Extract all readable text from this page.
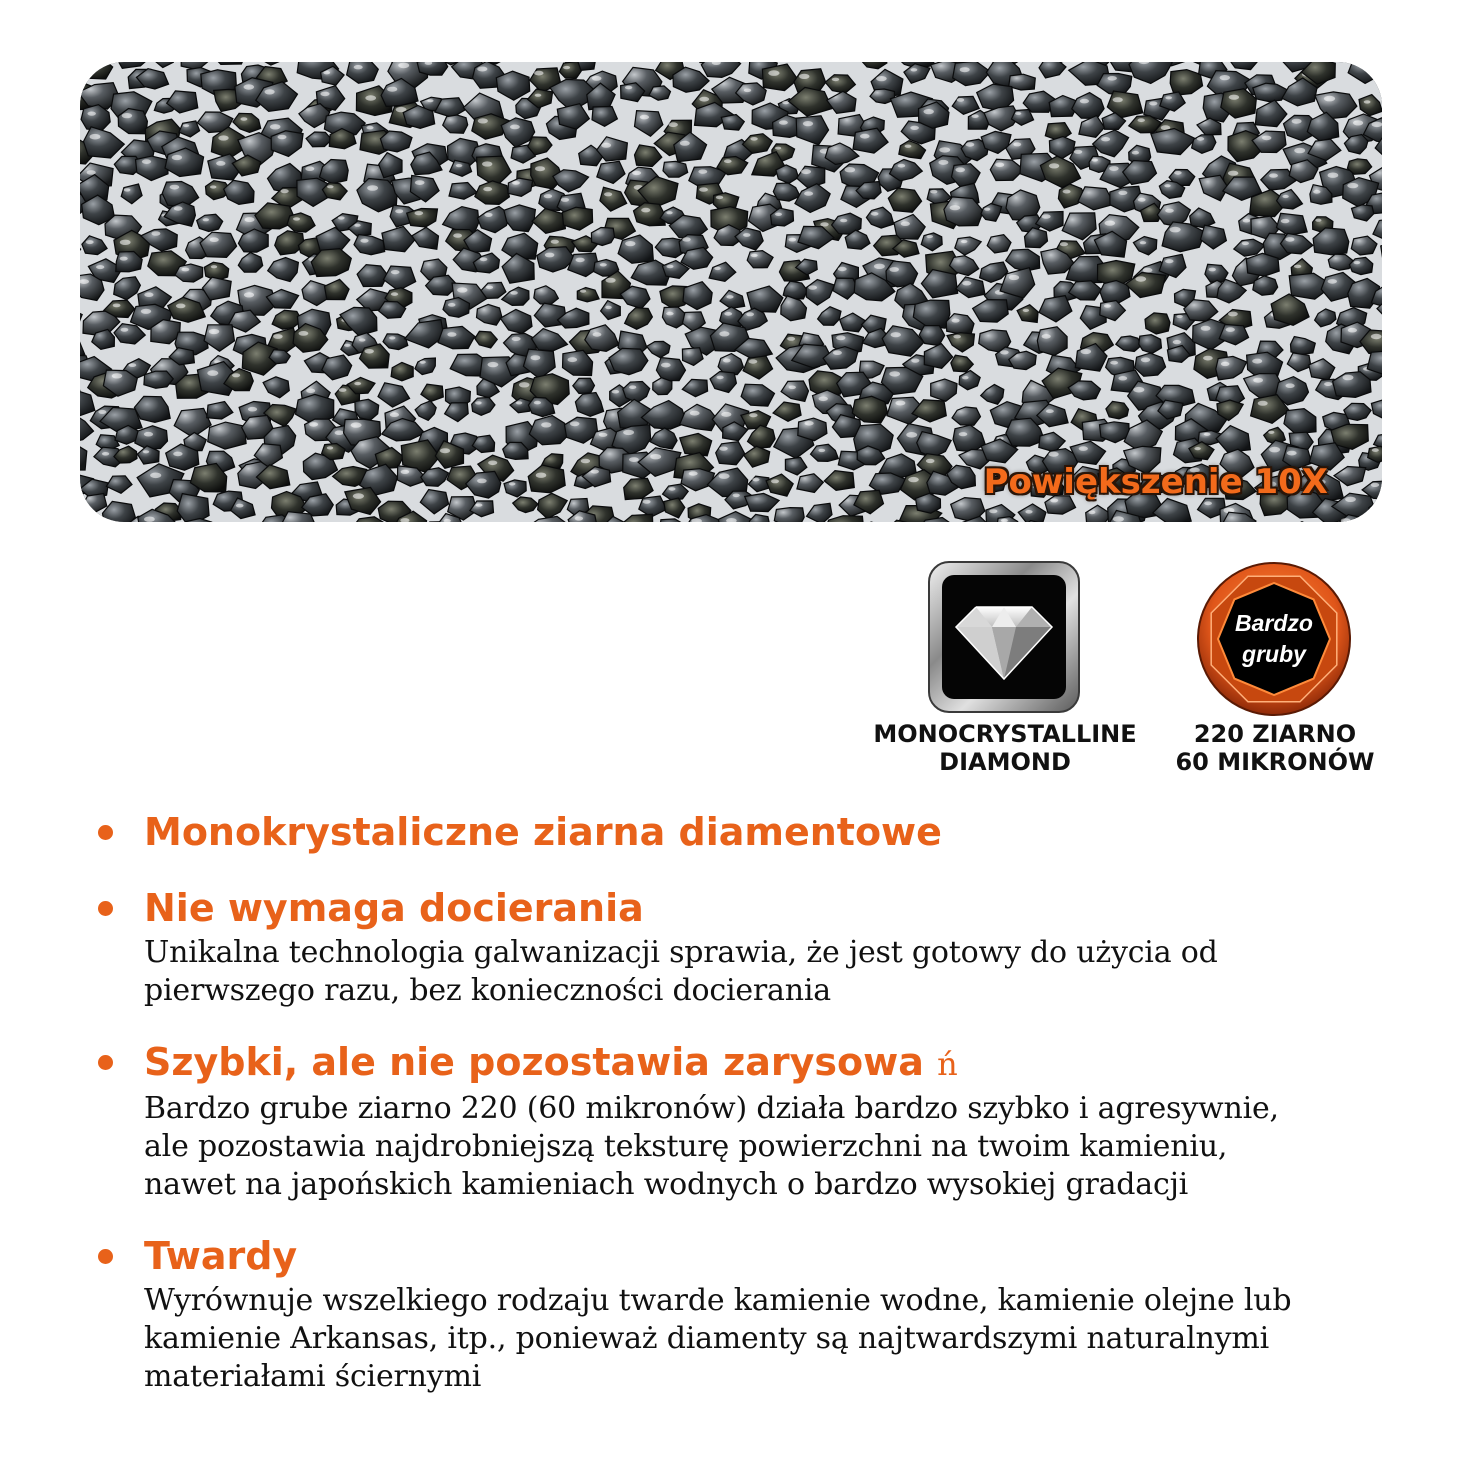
Powiększenie 10X
MONOCRYSTALLINE
DIAMOND
Bardzo
gruby
220 ZIARNO
60 MIKRONÓW
Monokrystaliczne ziarna diamentowe
Nie wymaga docierania
Unikalna technologia galwanizacji sprawia, że jest gotowy do użycia od
pierwszego razu, bez konieczności docierania
Szybki, ale nie pozostawia zarysowa ń
Bardzo grube ziarno 220 (60 mikronów) działa bardzo szybko i agresywnie,
ale pozostawia najdrobniejszą teksturę powierzchni na twoim kamieniu,
nawet na japońskich kamieniach wodnych o bardzo wysokiej gradacji
Twardy
Wyrównuje wszelkiego rodzaju twarde kamienie wodne, kamienie olejne lub
kamienie Arkansas, itp., ponieważ diamenty są najtwardszymi naturalnymi
materiałami ściernymi
